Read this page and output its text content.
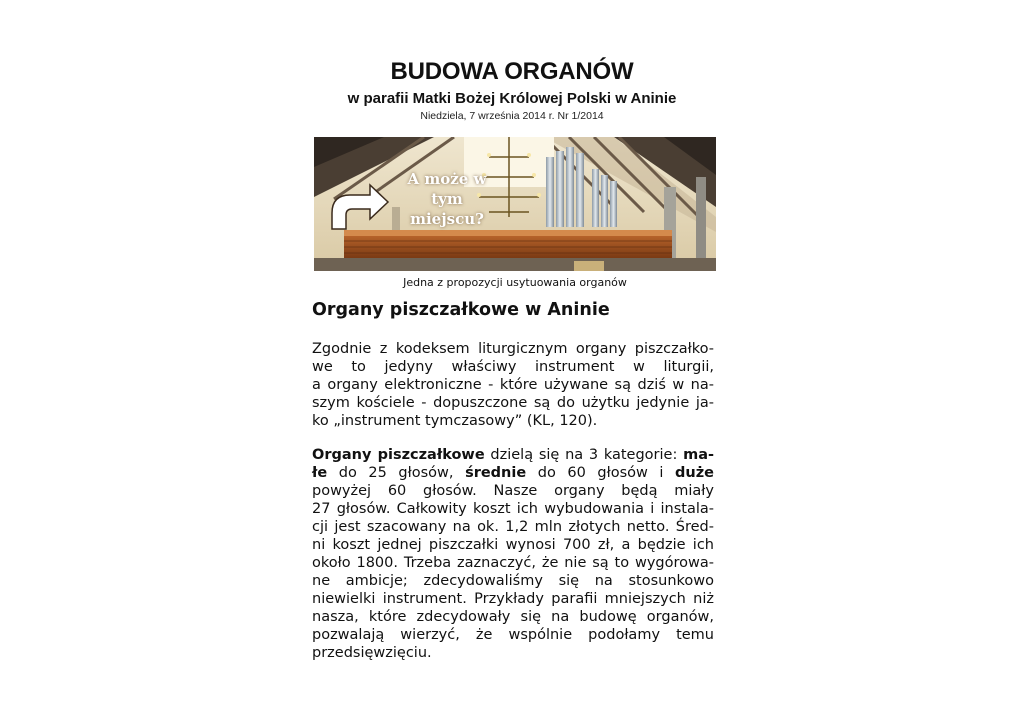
BUDOWA ORGANÓW
w parafii Matki Bożej Królowej Polski w Aninie
Niedziela, 7 września 2014 r. Nr 1/2014
A może w tym
miejscu?
Jedna z propozycji usytuowania organów
Organy piszczałkowe w Aninie
Zgodnie z kodeksem liturgicznym organy piszczałko-
we to jedyny właściwy instrument w liturgii,
a organy elektroniczne - które używane są dziś w na-
szym kościele - dopuszczone są do użytku jedynie ja-
ko „instrument tymczasowy” (KL, 120).
Organy piszczałkowe dzielą się na 3 kategorie: ma-
łe do 25 głosów, średnie do 60 głosów i duże
powyżej 60 głosów. Nasze organy będą miały
27 głosów. Całkowity koszt ich wybudowania i instala-
cji jest szacowany na ok. 1,2 mln złotych netto. Śred-
ni koszt jednej piszczałki wynosi 700 zł, a będzie ich
około 1800. Trzeba zaznaczyć, że nie są to wygórowa-
ne ambicje; zdecydowaliśmy się na stosunkowo
niewielki instrument. Przykłady parafii mniejszych niż
nasza, które zdecydowały się na budowę organów,
pozwalają wierzyć, że wspólnie podołamy temu
przedsięwzięciu.
